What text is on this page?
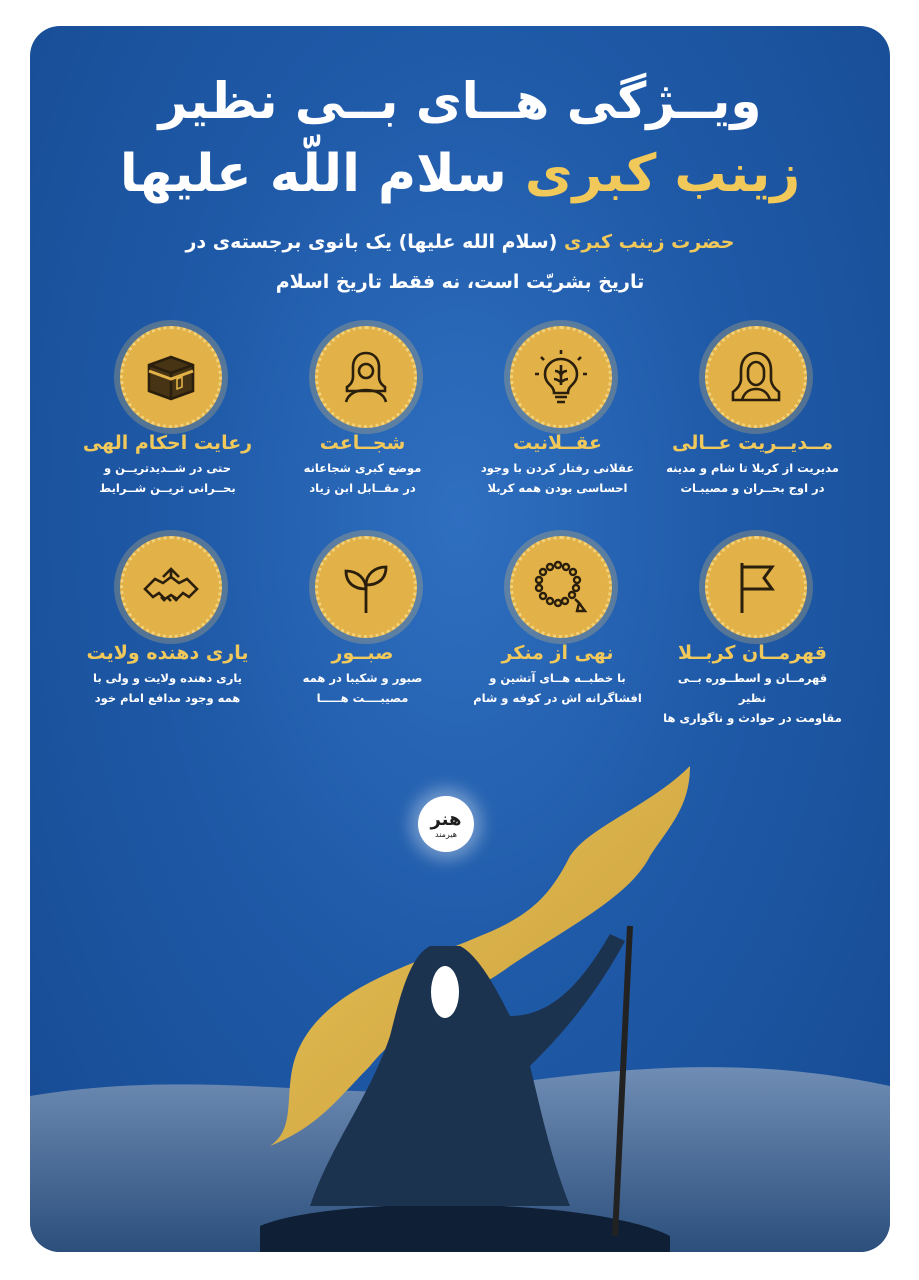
ویــژگی هــای بــی نظیر
زینب کبری سلام اللّه علیها
حضرت زینب کبری (سلام الله علیها) یک بانوی برجسته‌ی در
تاریخ بشریّت است، نه فقط تاریخ اسلام
مــدیــریت عــالی
مدیریت از کربلا تا شام و مدینه
در اوج بحــران و مصیبـات
عقــلانیت
عقلانی رفتار کردن با وجود
احساسی بودن همه کربلا
شجــاعت
موضع کبری شجاعانه
در مقــابل ابن زیاد
رعایت احکام الهی
حتی در شــدیدتریــن و
بحــرانی تریــن شــرایط
قهرمــان کربــلا
قهرمــان و اسطــوره بــی نظیر
مقاومت در حوادث و ناگواری ها
نهی از منکر
با خطبــه هــای آتشین و
افشاگرانه اش در کوفه و شام
صبــور
صبور و شکیبا در همه
مصیبــــت هـــــا
یاری دهنده ولایت
یاری دهنده ولایت و ولی با
همه وجود مدافع امام خود
هنر
هیرمند
